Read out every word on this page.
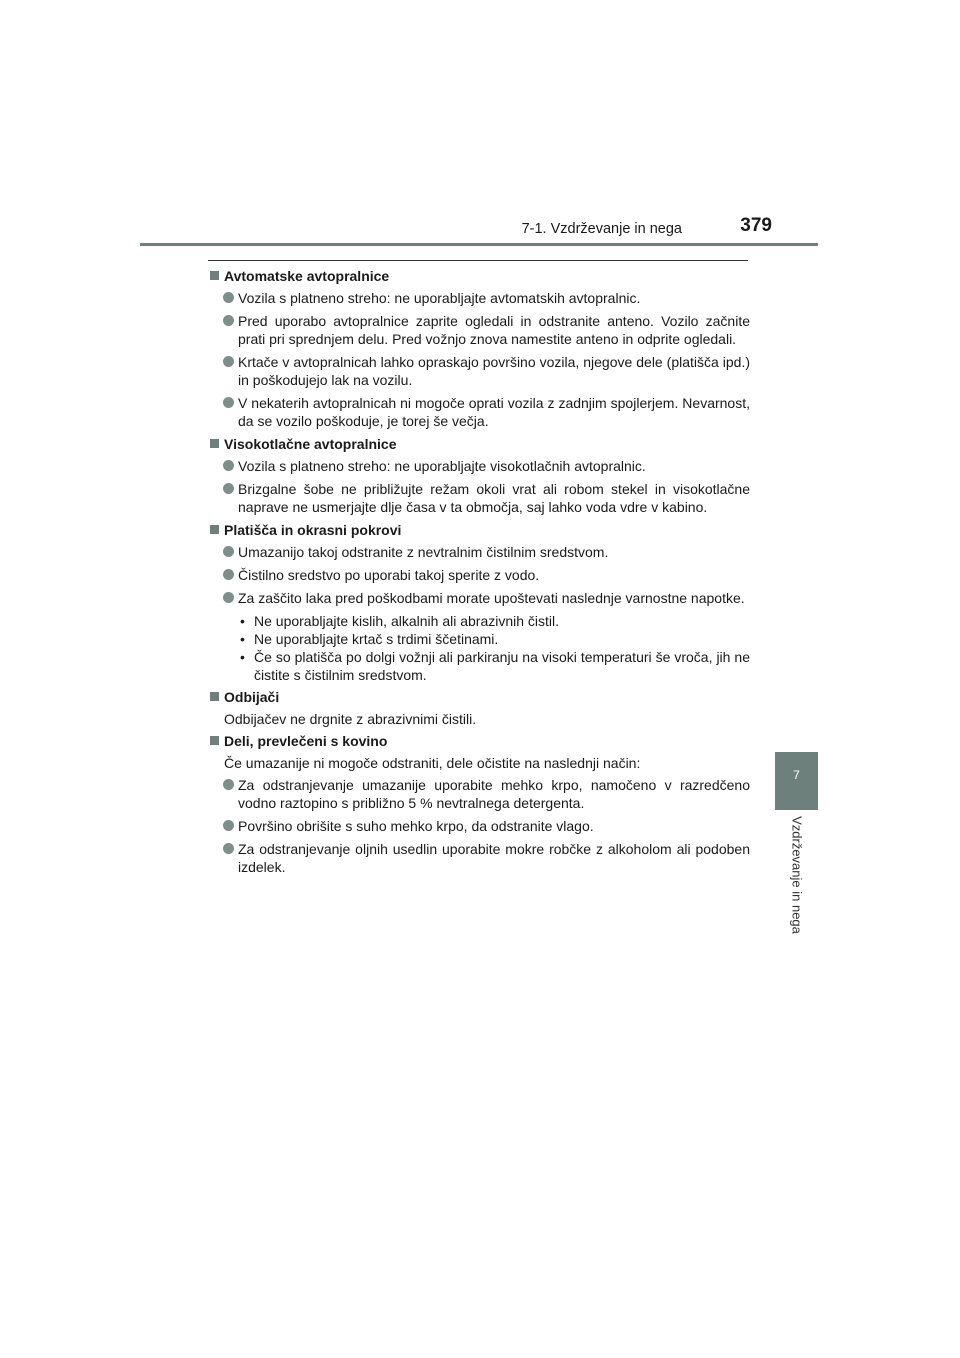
7-1. Vzdrževanje in nega	379
7
Vzdrževanje in nega
Avtomatske avtopralnice
Vozila s platneno streho: ne uporabljajte avtomatskih avtopralnic.
Pred uporabo avtopralnice zaprite ogledali in odstranite anteno. Vozilo začnite prati pri sprednjem delu. Pred vožnjo znova namestite anteno in odprite ogledali.
Krtače v avtopralnicah lahko opraskajo površino vozila, njegove dele (platišča ipd.) in poškodujejo lak na vozilu.
V nekaterih avtopralnicah ni mogoče oprati vozila z zadnjim spojlerjem. Nevarnost, da se vozilo poškoduje, je torej še večja.
Visokotlačne avtopralnice
Vozila s platneno streho: ne uporabljajte visokotlačnih avtopralnic.
Brizgalne šobe ne približujte režam okoli vrat ali robom stekel in visokotlačne naprave ne usmerjajte dlje časa v ta območja, saj lahko voda vdre v kabino.
Platišča in okrasni pokrovi
Umazanijo takoj odstranite z nevtralnim čistilnim sredstvom.
Čistilno sredstvo po uporabi takoj sperite z vodo.
Za zaščito laka pred poškodbami morate upoštevati naslednje varnostne napotke.
• Ne uporabljajte kislih, alkalnih ali abrazivnih čistil.
• Ne uporabljajte krtač s trdimi ščetinami.
• Če so platišča po dolgi vožnji ali parkiranju na visoki temperaturi še vroča, jih ne čistite s čistilnim sredstvom.
Odbijači
Odbijačev ne drgnite z abrazivnimi čistili.
Deli, prevlečeni s kovino
Če umazanije ni mogoče odstraniti, dele očistite na naslednji način:
Za odstranjevanje umazanije uporabite mehko krpo, namočeno v razredčeno vodno raztopino s približno 5 % nevtralnega detergenta.
Površino obrišite s suho mehko krpo, da odstranite vlago.
Za odstranjevanje oljnih usedlin uporabite mokre robčke z alkoholom ali podoben izdelek.
